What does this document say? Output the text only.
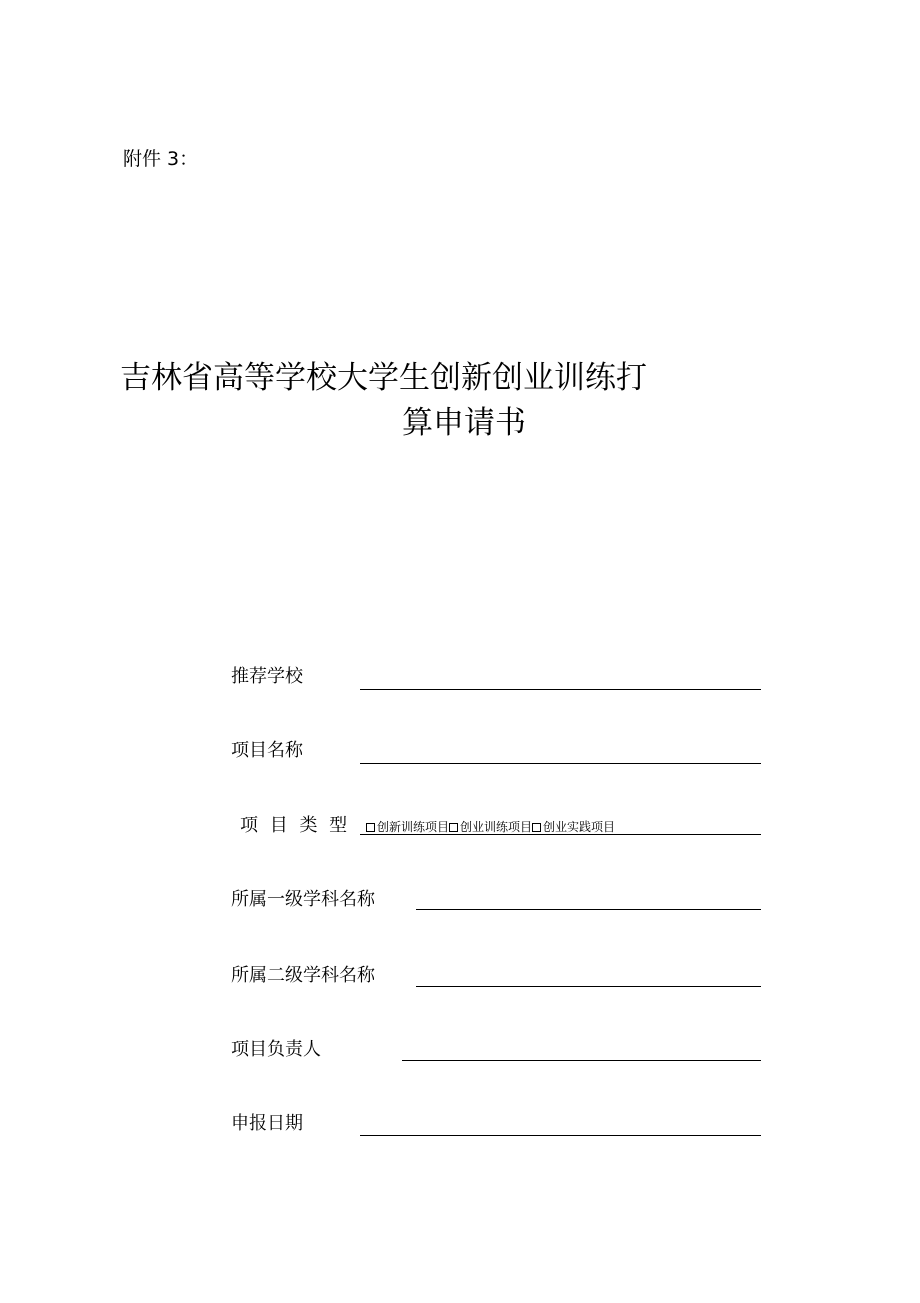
附件 3：
吉林省高等学校大学生创新创业训练打
算申请书
推荐学校
项目名称
项 目 类 型 创新训练项目 创业训练项目 创业实践项目
所属一级学科名称
所属二级学科名称
项目负责人
申报日期
